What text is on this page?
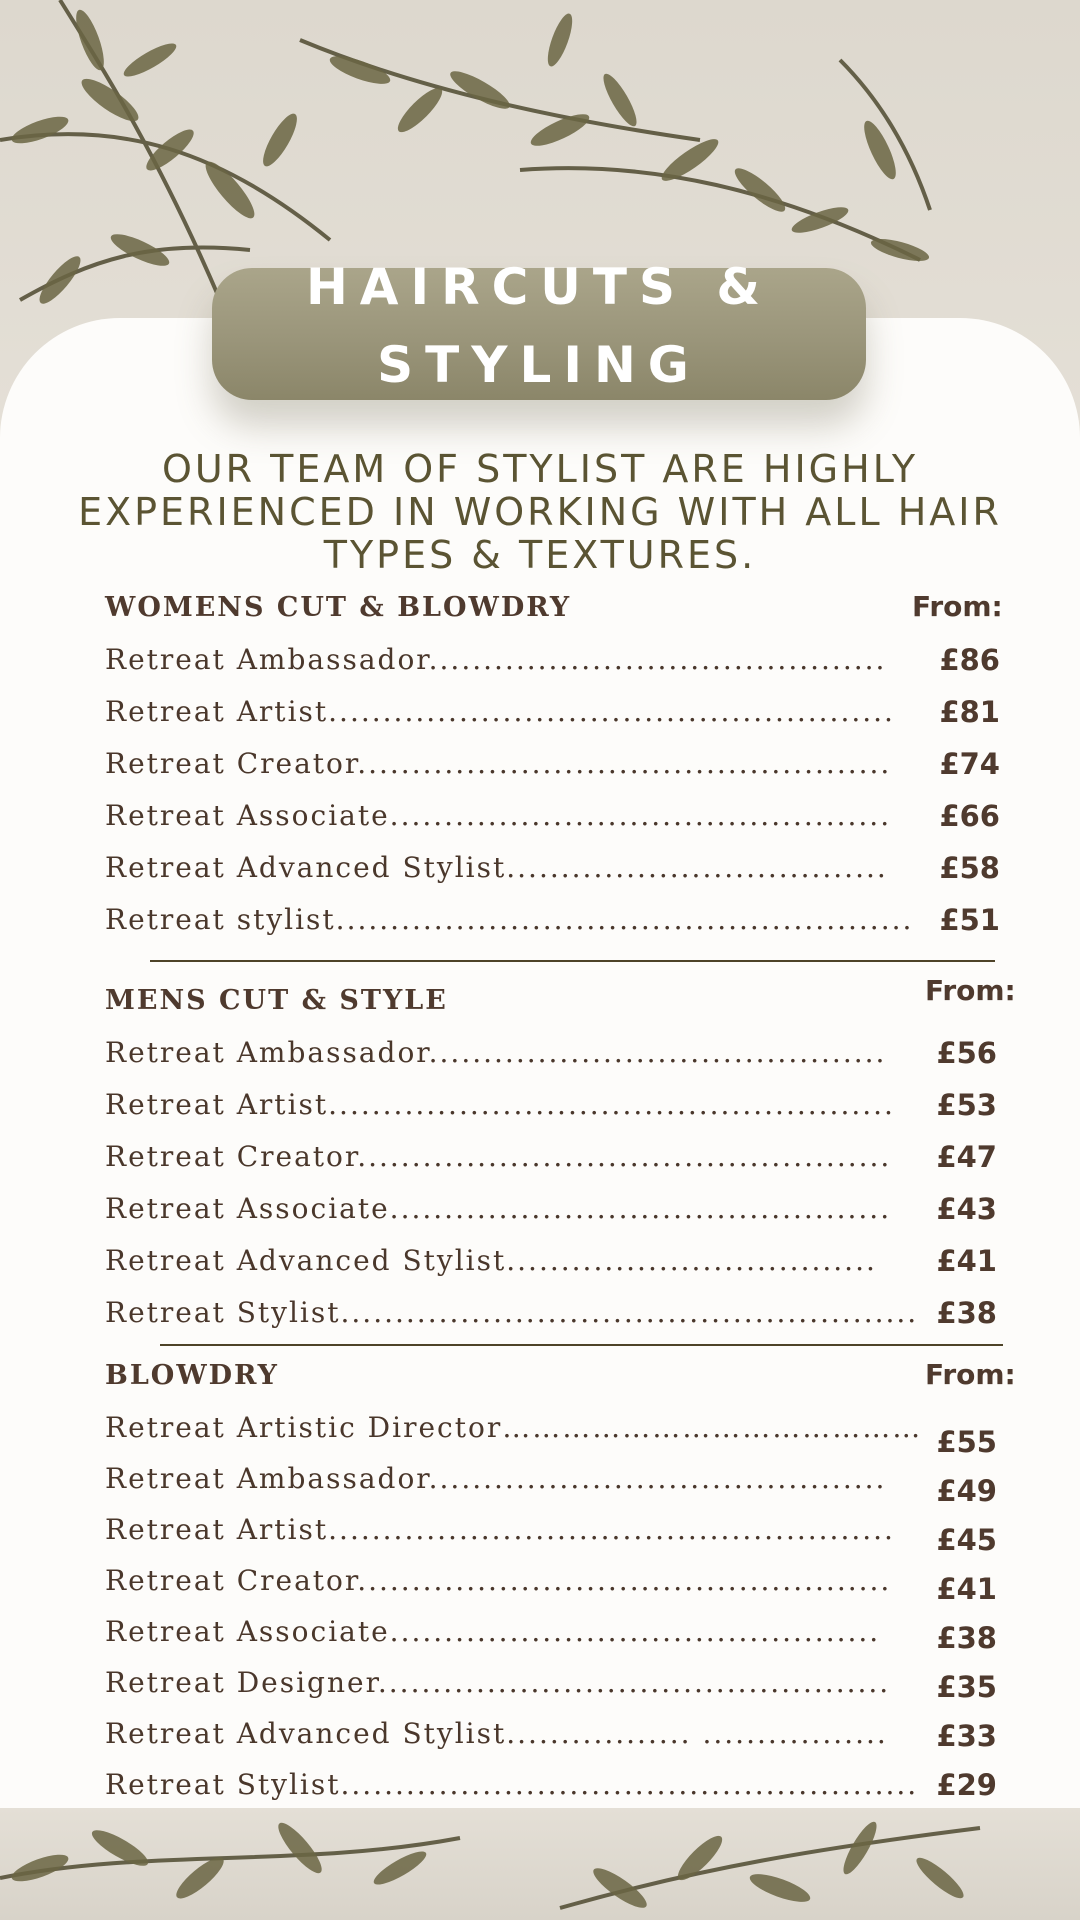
HAIRCUTS &
STYLING
OUR TEAM OF STYLIST ARE HIGHLY EXPERIENCED IN WORKING WITH ALL HAIR TYPES & TEXTURES.
WOMENS CUT & BLOWDRY	From:
Retreat Ambassador..........................................	£86
Retreat Artist....................................................	£81
Retreat Creator.................................................	£74
Retreat Associate..............................................	£66
Retreat Advanced Stylist...................................	£58
Retreat stylist..................................................... £51
MENS CUT & STYLE	From:
Retreat Ambassador..........................................	£56
Retreat Artist....................................................	£53
Retreat Creator.................................................	£47
Retreat Associate..............................................	£43
Retreat Advanced Stylist..................................	£41
Retreat Stylist..................................................... £38
BLOWDRY	From:
Retreat Artistic Director…………………………………… £55
Retreat Ambassador..........................................	£49
Retreat Artist....................................................	£45
Retreat Creator.................................................	£41
Retreat Associate.............................................	£38
Retreat Designer...............................................	£35
Retreat Advanced Stylist................. .................	£33
Retreat Stylist..................................................... £29
